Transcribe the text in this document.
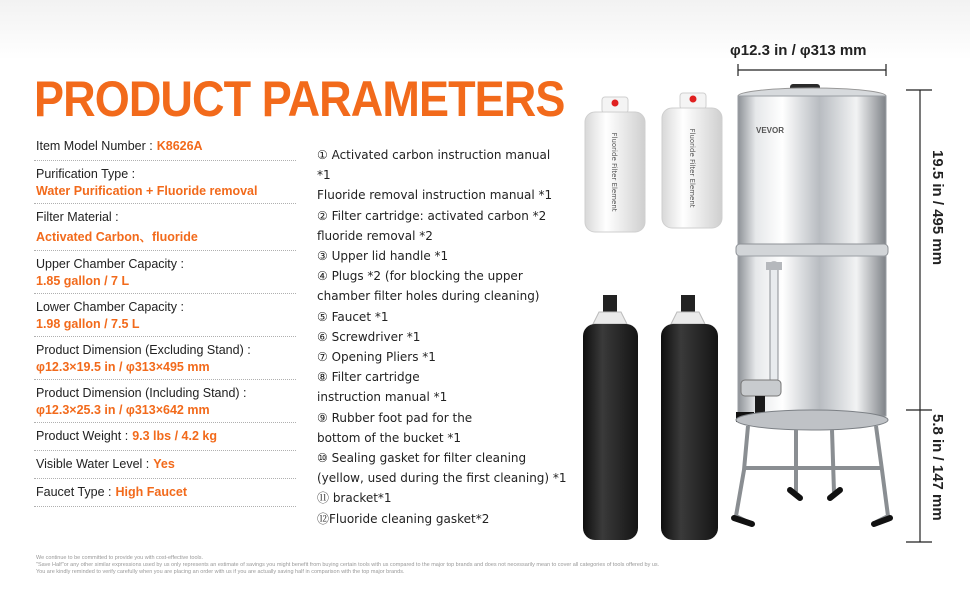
PRODUCT PARAMETERS
Item Model Number : K8626A
Purification Type :
Water Purification + Fluoride removal
Filter Material :
Activated Carbon、fluoride
Upper Chamber Capacity :
1.85 gallon / 7 L
Lower Chamber Capacity :
1.98 gallon / 7.5 L
Product Dimension (Excluding Stand) :
φ12.3×19.5 in / φ313×495 mm
Product Dimension (Including Stand) :
φ12.3×25.3 in / φ313×642 mm
Product Weight : 9.3 lbs / 4.2 kg
Visible Water Level : Yes
Faucet Type : High Faucet

① Activated carbon instruction manual *1

Fluoride removal instruction manual *1

② Filter cartridge: activated carbon *2

fluoride removal *2

③ Upper lid handle *1

④ Plugs *2 (for blocking the upper

chamber filter holes during cleaning)

⑤ Faucet *1

⑥ Screwdriver *1

⑦ Opening Pliers *1

⑧ Filter cartridge

instruction manual *1

⑨ Rubber foot pad for the

bottom of the bucket *1

⑩ Sealing gasket for filter cleaning

(yellow, used during the first cleaning) *1

⑪ bracket*1

⑫Fluoride cleaning gasket*2

Fluoride Filter Element	Fluoride Filter Element	VEVOR
φ12.3 in / φ313 mm
19.5 in / 495 mm
5.8 in / 147 mm
We continue to be committed to provide you with cost-effective tools.
"Save Half"or any other similar expressions used by us only represents an estimate of savings you might benefit from buying certain tools with us compared to the major top brands and does not necessarily mean to cover all categories of tools offered by us.
You are kindly reminded to verify carefully when you are placing an order with us if you are actually saving half in comparison with the top major brands.
